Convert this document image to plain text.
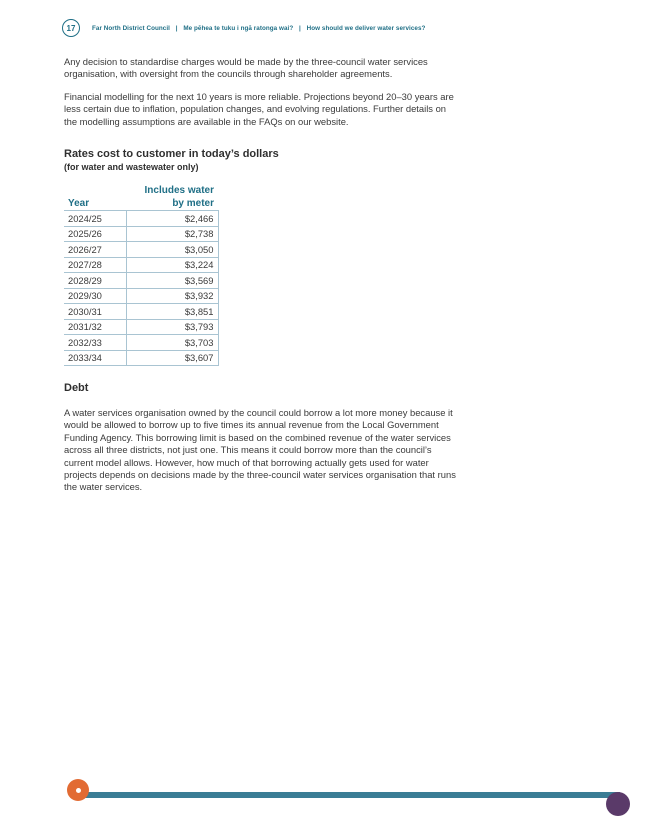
17	Far North District Council | Me pēhea te tuku i ngā ratonga wai? | How should we deliver water services?

Any decision to standardise charges would be made by the three-council water services organisation, with oversight from the councils through shareholder agreements.

Financial modelling for the next 10 years is more reliable. Projections beyond 20–30 years are less certain due to inflation, population changes, and evolving regulations. Further details on the modelling assumptions are available in the FAQs on our website.

Rates cost to customer in today’s dollars
(for water and wastewater only)
Year	Includes water
by meter
2024/25	$2,466
2025/26	$2,738
2026/27	$3,050
2027/28	$3,224
2028/29	$3,569
2029/30	$3,932
2030/31	$3,851
2031/32	$3,793
2032/33	$3,703
2033/34	$3,607
Debt

A water services organisation owned by the council could borrow a lot more money because it would be allowed to borrow up to five times its annual revenue from the Local Government Funding Agency. This borrowing limit is based on the combined revenue of the water services across all three districts, not just one. This means it could borrow more than the council’s current model allows. However, how much of that borrowing actually gets used for water projects depends on decisions made by the three-council water services organisation that runs the water services.
